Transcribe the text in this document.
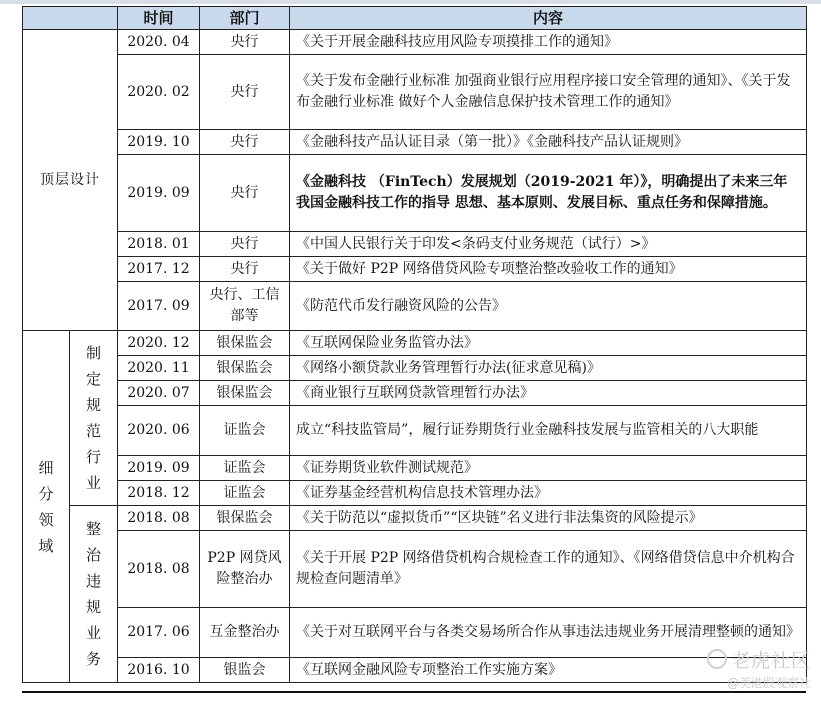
		时间	部门	内容
顶层设计		2020. 04	央行	《关于开展金融科技应用风险专项摸排工作的通知》
		2020. 02	央行	《关于发布金融行业标准 加强商业银行应用程序接口安全管理的通知》、《关于发布金融行业标准 做好个人金融信息保护技术管理工作的通知》
		2019. 10	央行	《金融科技产品认证目录（第一批）》《金融科技产品认证规则》
		2019. 09	央行	《金融科技 （FinTech）发展规划（2019-2021 年）》，明确提出了未来三年我国金融科技工作的指导 思想、基本原则、发展目标、重点任务和保障措施。
		2018. 01	央行	《中国人民银行关于印发<条码支付业务规范（试行）>》
		2017. 12	央行	《关于做好 P2P 网络借贷风险专项整治整改验收工作的通知》
		2017. 09	央行、工信部等	《防范代币发行融资风险的公告》
细分领域	制定规范行业	2020. 12	银保监会	《互联网保险业务监管办法》
		2020. 11	银保监会	《网络小额贷款业务管理暂行办法(征求意见稿)》
		2020. 07	银保监会	《商业银行互联网贷款管理暂行办法》
		2020. 06	证监会	成立“科技监管局”，履行证券期货行业金融科技发展与监管相关的八大职能
		2019. 09	证监会	《证券期货业软件测试规范》
		2018. 12	证监会	《证券基金经营机构信息技术管理办法》
	整治违规业务	2018. 08	银保监会	《关于防范以“虚拟货币”“区块链”名义进行非法集资的风险提示》
		2018. 08	P2P 网贷风险整治办	《关于开展 P2P 网络借贷机构合规检查工作的通知》、《网络借贷信息中介机构合规检查问题清单》
		2017. 06	互金整治办	《关于对互联网平台与各类交易场所合作从事违法违规业务开展清理整顿的通知》
		2016. 10	银监会	《互联网金融风险专项整治工作实施方案》	老虎社区
@美港股观察社
